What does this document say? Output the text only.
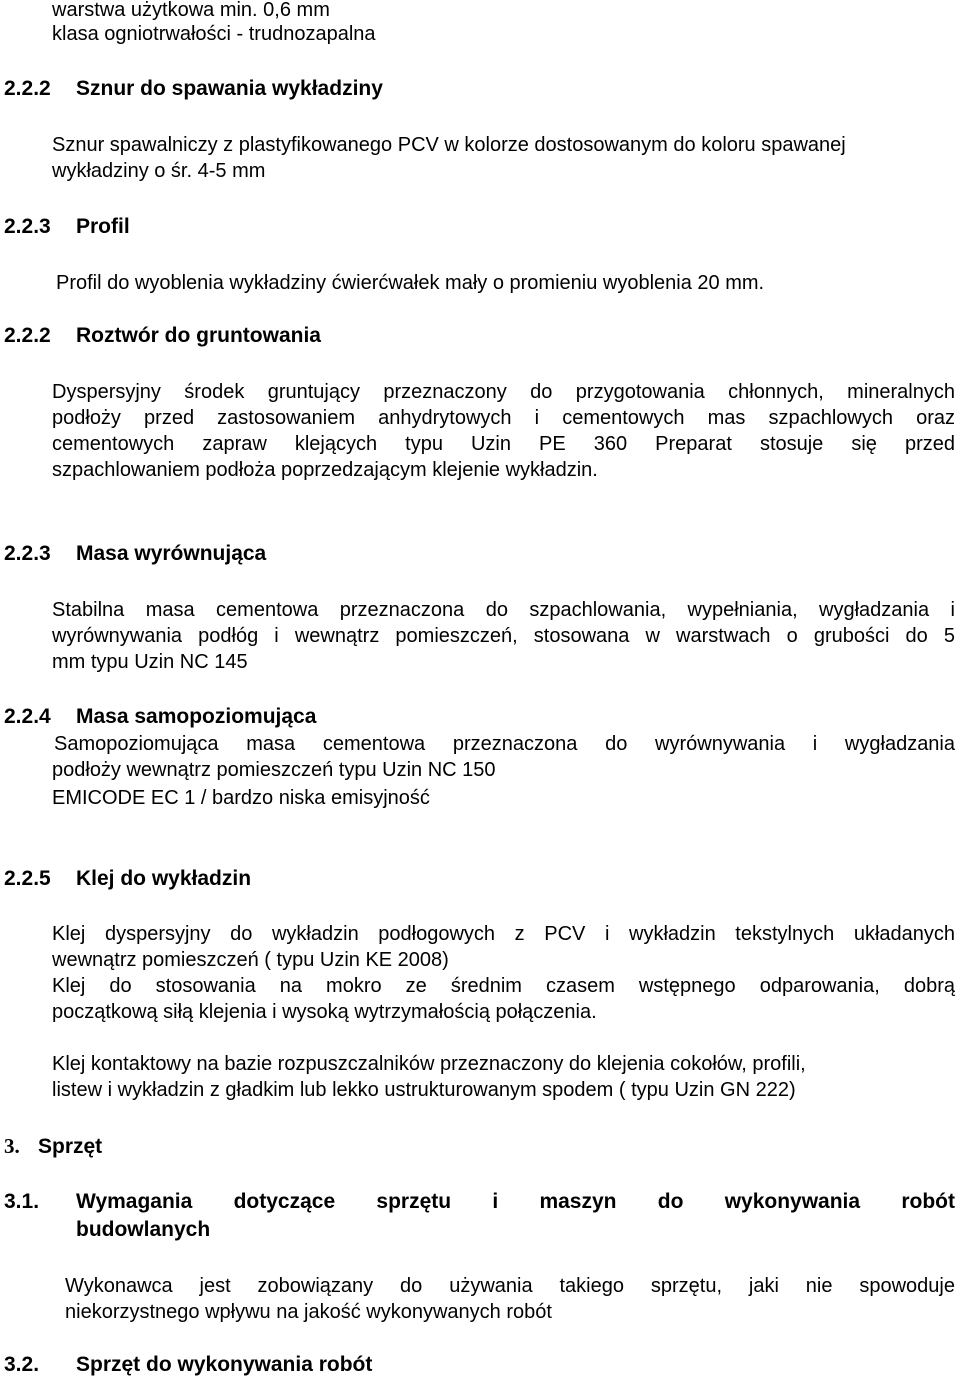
warstwa użytkowa min. 0,6 mm
klasa ogniotrwałości - trudnozapalna
2.2.2 Sznur do spawania wykładziny
Sznur spawalniczy z plastyfikowanego PCV w kolorze dostosowanym do koloru spawanej
wykładziny o śr. 4-5 mm
2.2.3 Profil
Profil do wyoblenia wykładziny ćwierćwałek mały o promieniu wyoblenia 20 mm.
2.2.2 Roztwór do gruntowania
Dyspersyjny środek gruntujący przeznaczony do przygotowania chłonnych, mineralnych
podłoży przed zastosowaniem anhydrytowych i cementowych mas szpachlowych oraz
cementowych zapraw klejących typu Uzin PE 360 Preparat stosuje się przed
szpachlowaniem podłoża poprzedzającym klejenie wykładzin.
2.2.3 Masa wyrównująca
Stabilna masa cementowa przeznaczona do szpachlowania, wypełniania, wygładzania i
wyrównywania podłóg i wewnątrz pomieszczeń, stosowana w warstwach o grubości do 5
mm typu Uzin NC 145
2.2.4 Masa samopoziomująca
Samopoziomująca masa cementowa przeznaczona do wyrównywania i wygładzania
podłoży wewnątrz pomieszczeń typu Uzin NC 150
EMICODE EC 1 / bardzo niska emisyjność
2.2.5 Klej do wykładzin
Klej dyspersyjny do wykładzin podłogowych z PCV i wykładzin tekstylnych układanych
wewnątrz pomieszczeń ( typu Uzin KE 2008)
Klej do stosowania na mokro ze średnim czasem wstępnego odparowania, dobrą
początkową siłą klejenia i wysoką wytrzymałością połączenia.
Klej kontaktowy na bazie rozpuszczalników przeznaczony do klejenia cokołów, profili,
listew i wykładzin z gładkim lub lekko ustrukturowanym spodem ( typu Uzin GN 222)
3. Sprzęt
3.1. Wymagania dotyczące sprzętu i maszyn do wykonywania robót
budowlanych
Wykonawca jest zobowiązany do używania takiego sprzętu, jaki nie spowoduje
niekorzystnego wpływu na jakość wykonywanych robót
3.2. Sprzęt do wykonywania robót
